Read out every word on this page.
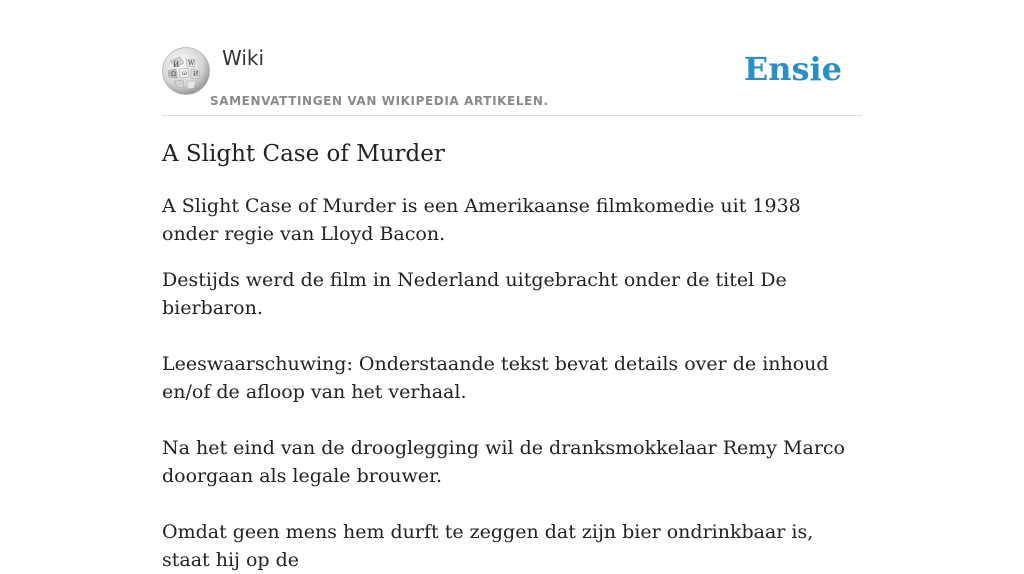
Ѝ W
Ω ω И
Wiki
SAMENVATTINGEN VAN WIKIPEDIA ARTIKELEN.
Ensie
A Slight Case of Murder

A Slight Case of Murder is een Amerikaanse filmkomedie uit 1938 onder regie van Lloyd Bacon.

Destijds werd de film in Nederland uitgebracht onder de titel De bierbaron.

Leeswaarschuwing: Onderstaande tekst bevat details over de inhoud en/of de afloop van het verhaal.

Na het eind van de drooglegging wil de dranksmokkelaar Remy Marco doorgaan als legale brouwer.

Omdat geen mens hem durft te zeggen dat zijn bier ondrinkbaar is, staat hij op de
